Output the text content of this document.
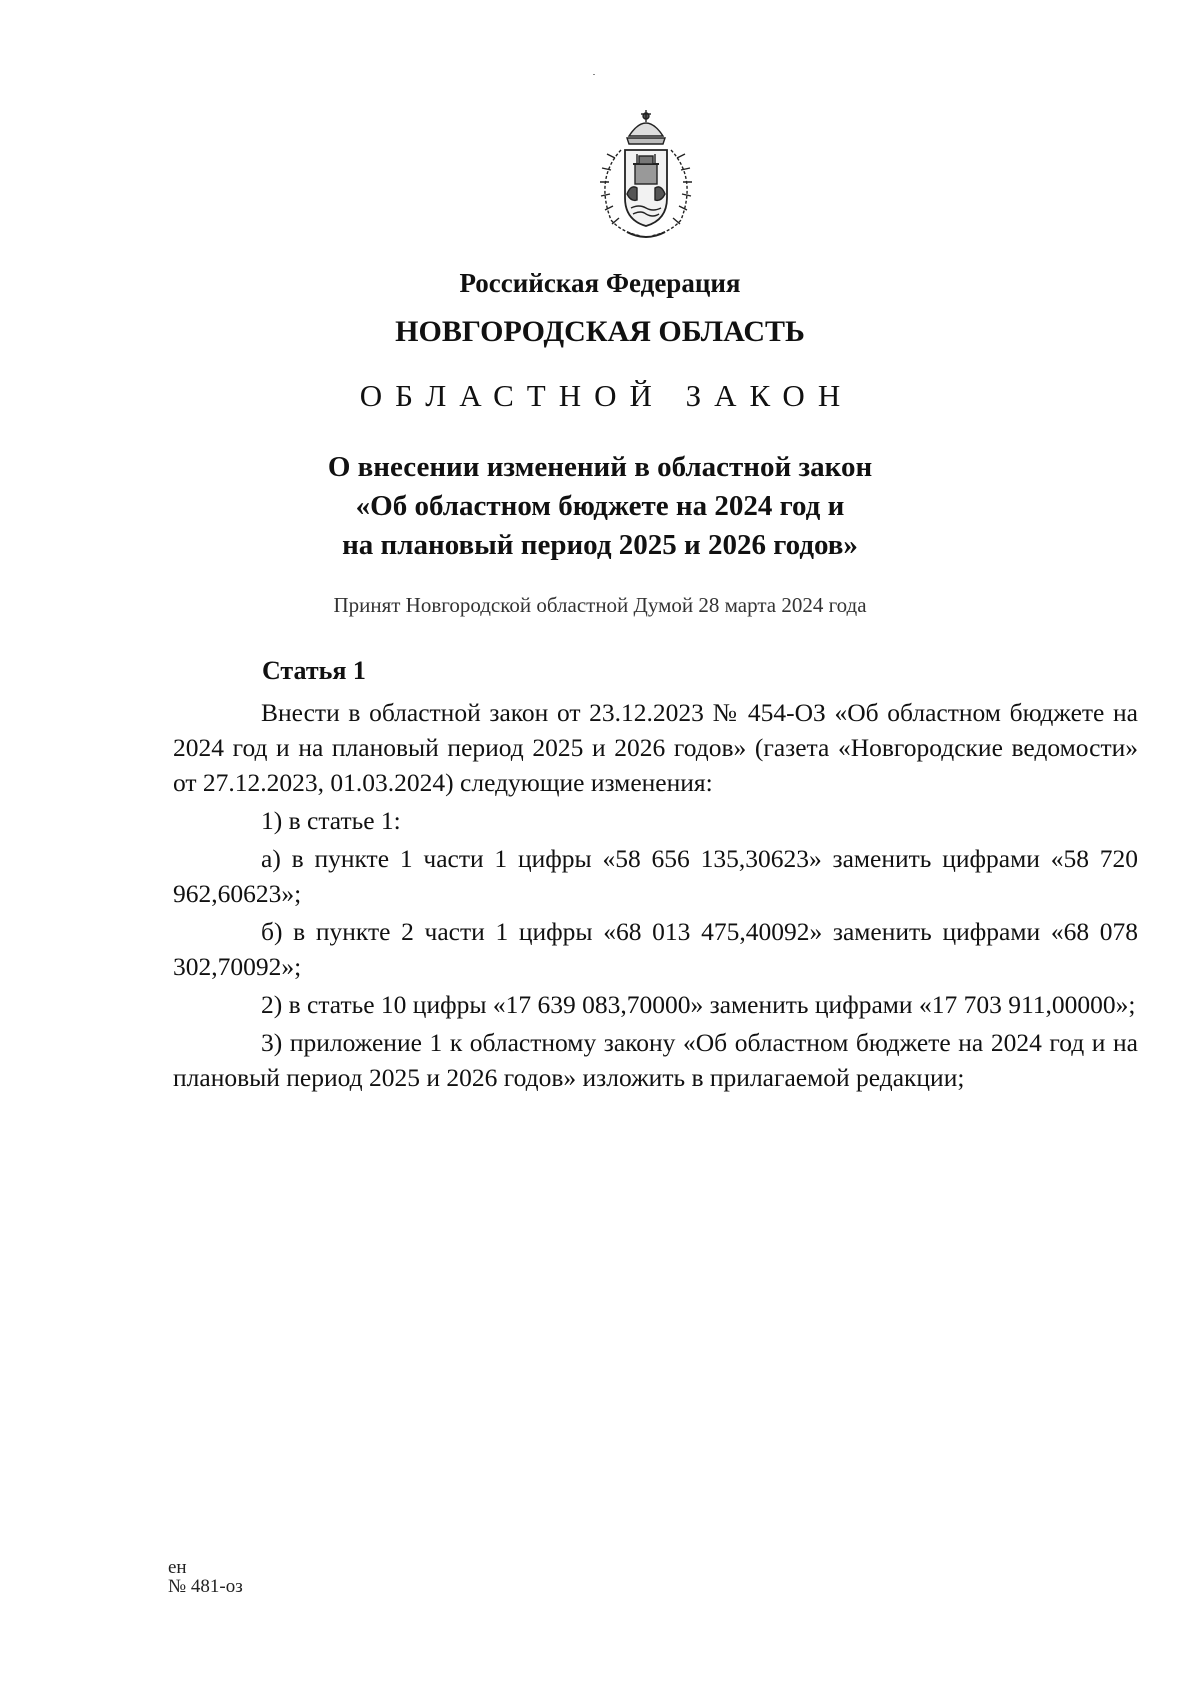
Российская Федерация
НОВГОРОДСКАЯ ОБЛАСТЬ
ОБЛАСТНОЙ ЗАКОН
О внесении изменений в областной закон
«Об областном бюджете на 2024 год и
на плановый период 2025 и 2026 годов»
Принят Новгородской областной Думой 28 марта 2024 года
Статья 1

Внести в областной закон от 23.12.2023 № 454-ОЗ «Об областном бюджете на 2024 год и на плановый период 2025 и 2026 годов» (газета «Новгородские ведомости» от 27.12.2023, 01.03.2024) следующие изменения:

1) в статье 1:

а) в пункте 1 части 1 цифры «58 656 135,30623» заменить цифрами «58 720 962,60623»;

б) в пункте 2 части 1 цифры «68 013 475,40092» заменить цифрами «68 078 302,70092»;

2) в статье 10 цифры «17 639 083,70000» заменить цифрами «17 703 911,00000»;

3) приложение 1 к областному закону «Об областном бюджете на 2024 год и на плановый период 2025 и 2026 годов» изложить в прилагаемой редакции;

ен
№ 481-оз
